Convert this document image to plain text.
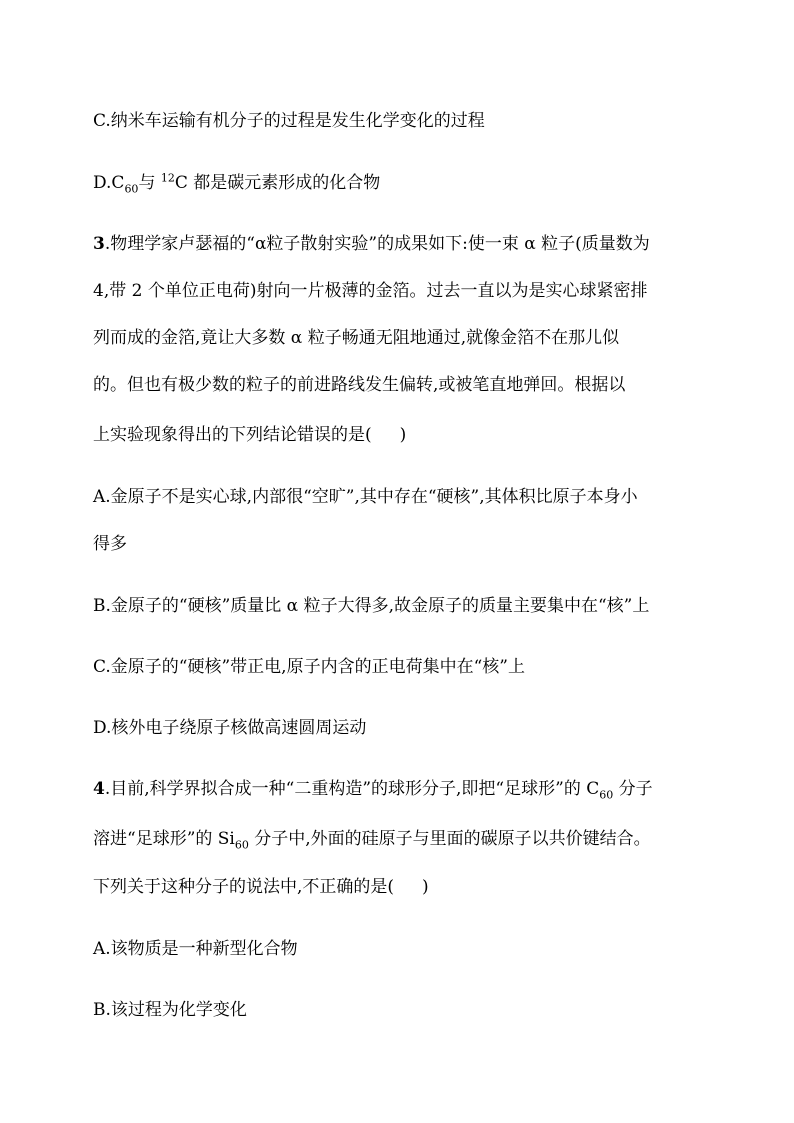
C.纳米车运输有机分子的过程是发生化学变化的过程
$D.C_{60}$与 $^{12}$C 都是碳元素形成的化合物
3.物理学家卢瑟福的“α粒子散射实验”的成果如下:使一束 α 粒子(质量数为
4,带 2 个单位正电荷)射向一片极薄的金箔。过去一直以为是实心球紧密排
列而成的金箔,竟让大多数 α 粒子畅通无阻地通过,就像金箔不在那儿似
的。但也有极少数的粒子的前进路线发生偏转,或被笔直地弹回。根据以
上实验现象得出的下列结论错误的是( )
A.金原子不是实心球,内部很“空旷”,其中存在“硬核”,其体积比原子本身小
得多
B.金原子的“硬核”质量比 α 粒子大得多,故金原子的质量主要集中在“核”上
C.金原子的“硬核”带正电,原子内含的正电荷集中在“核”上
D.核外电子绕原子核做高速圆周运动
4.目前,科学界拟合成一种“二重构造”的球形分子,即把“足球形”的 $C_{60}$ 分子
溶进“足球形”的 $Si_{60}$ 分子中,外面的硅原子与里面的碳原子以共价键结合。
下列关于这种分子的说法中,不正确的是( )
A.该物质是一种新型化合物
B.该过程为化学变化
